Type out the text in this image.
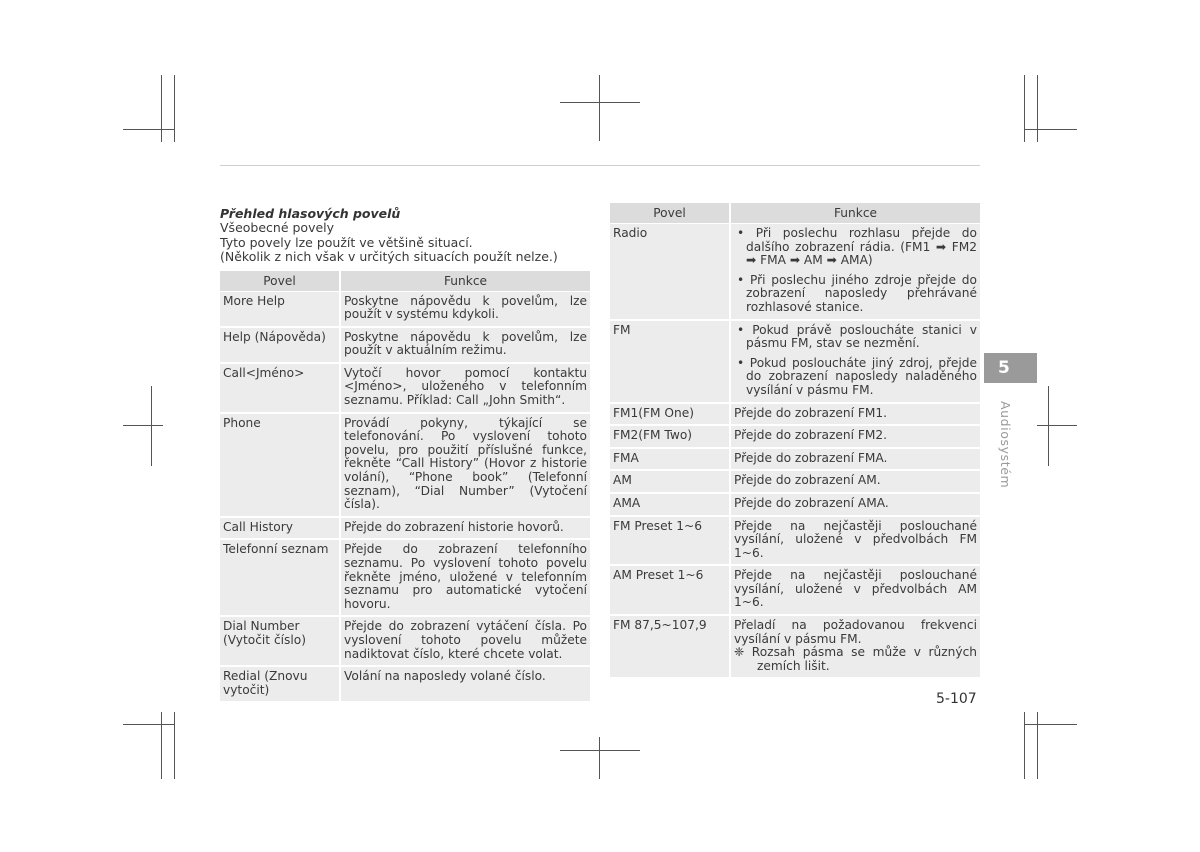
Přehled hlasových povelů
Všeobecné povely
Tyto povely lze použít ve většině situací.
(Několik z nich však v určitých situacích použít nelze.)
Povel	Funkce
More Help	Poskytne nápovědu k povelům, lze použít v systému kdykoli.
Help (Nápověda)	Poskytne nápovědu k povelům, lze použít v aktuálním režimu.
Call<Jméno>	Vytočí hovor pomocí kontaktu <Jméno>, uloženého v telefonním seznamu. Příklad: Call „John Smith“.
Phone	Provádí pokyny, týkající se telefonování. Po vyslovení tohoto povelu, pro použití příslušné funkce, řekněte “Call History” (Hovor z historie volání), “Phone book” (Telefonní seznam), “Dial Number” (Vytočení čísla).
Call History	Přejde do zobrazení historie hovorů.
Telefonní seznam	Přejde do zobrazení telefonního seznamu. Po vyslovení tohoto povelu řekněte jméno, uložené v telefonním seznamu pro automatické vytočení hovoru.
Dial Number (Vytočit číslo)	Přejde do zobrazení vytáčení čísla. Po vyslovení tohoto povelu můžete nadiktovat číslo, které chcete volat.
Redial (Znovu vytočit)	Volání na naposledy volané číslo.
Povel	Funkce
Radio	• Při poslechu rozhlasu přejde do dalšího zobrazení rádia. (FM1 ➡ FM2 ➡ FMA ➡ AM ➡ AMA)
• Při poslechu jiného zdroje přejde do zobrazení naposledy přehrávané rozhlasové stanice.

FM	• Pokud právě posloucháte stanici v pásmu FM, stav se nezmění.
• Pokud posloucháte jiný zdroj, přejde do zobrazení naposledy naladěného vysílání v pásmu FM.

FM1(FM One)	Přejde do zobrazení FM1.
FM2(FM Two)	Přejde do zobrazení FM2.
FMA	Přejde do zobrazení FMA.
AM	Přejde do zobrazení AM.
AMA	Přejde do zobrazení AMA.
FM Preset 1~6	Přejde na nejčastěji poslouchané vysílání, uložené v předvolbách FM 1~6.
AM Preset 1~6	Přejde na nejčastěji poslouchané vysílání, uložené v předvolbách AM 1~6.
FM 87,5~107,9	Přeladí na požadovanou frekvenci vysílání v pásmu FM.
❈ Rozsah pásma se může v různých zemích lišit.
5
Audiosystém
5-107
